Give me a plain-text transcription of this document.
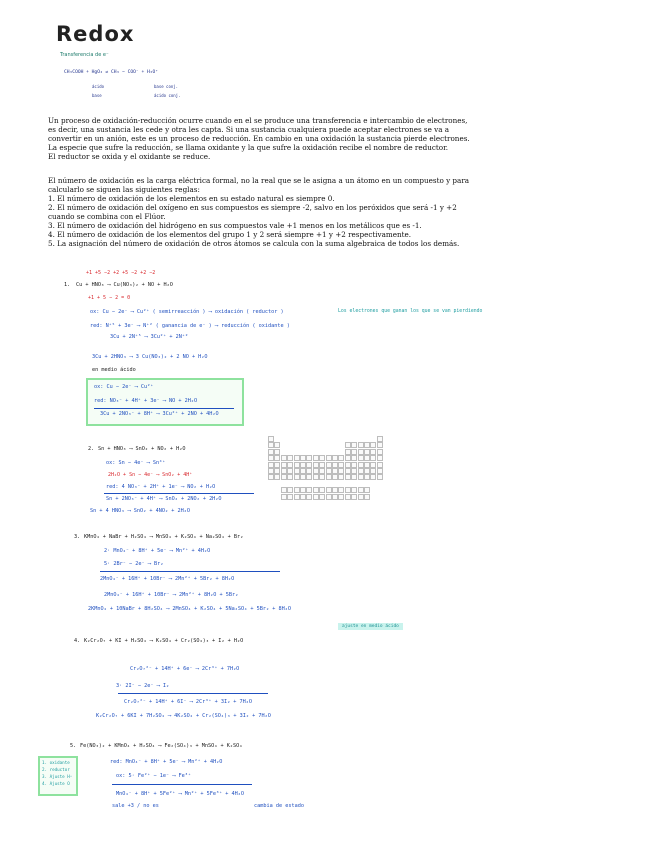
Redox
Transferencia de e⁻
CH₃COOH + HgO₂ ⇌ CH₃ − COO⁻ + H₃O⁺
ácido
base
base conj.
ácido conj.

Un proceso de oxidación-reducción ocurre cuando en el se produce una transferencia e intercambio de electrones,

es decir, una sustancia les cede y otra les capta. Si una sustancia cualquiera puede aceptar electrones se va a

convertir en un anión, este es un proceso de reducción. En cambio en una oxidación la sustancia pierde electrones.

La especie que sufre la reducción, se llama oxidante y la que sufre la oxidación recibe el nombre de reductor.

El reductor se oxida y el oxidante se reduce.

El número de oxidación es la carga eléctrica formal, no la real que se le asigna a un átomo en un compuesto y para

calcularlo se siguen las siguientes reglas:

1. El número de oxidación de los elementos en su estado natural es siempre 0.
2. El número de oxidación del oxígeno en sus compuestos es siempre -2, salvo en los peróxidos que será -1 y +2
cuando se combina con el Flúor.
3. El número de oxidación del hidrógeno en sus compuestos vale +1 menos en los metálicos que es -1.
4. El número de oxidación de los elementos del grupo 1 y 2 será siempre +1 y +2 respectivamente.
5. La asignación del número de oxidación de otros átomos se calcula con la suma algebraica de todos los demás.
+1 +5 −2 +2 +5 −2 +2 −2
1. Cu + HNO₃ ⟶ Cu(NO₃)₂ + NO + H₂O
+1 + 5 − 2 = 0
ox: Cu − 2e⁻ ⟶ Cu²⁺ ( semirreacción ) ⟶ oxidación ( reductor )	Los electrones que ganan los que se van pierdiendo
red: N⁺⁵ + 3e⁻ ⟶ N⁺² ( ganancia de e⁻ ) ⟶ reducción ( oxidante )
3Cu + 2N⁺⁵ ⟶ 3Cu²⁺ + 2N⁺²
3Cu + 2HNO₃ ⟶ 3 Cu(NO₃)₂ + 2 NO + H₂O
en medio ácido
ox: Cu − 2e⁻ ⟶ Cu²⁺
red: NO₃⁻ + 4H⁺ + 3e⁻ ⟶ NO + 2H₂O
3Cu + 2NO₃⁻ + 8H⁺ ⟶ 3Cu²⁺ + 2NO + 4H₂O
2. Sn + HNO₃ ⟶ SnO₂ + NO₂ + H₂O
ox: Sn − 4e⁻ ⟶ Sn⁴⁺
2H₂O + Sn − 4e⁻ ⟶ SnO₂ + 4H⁺
red: 4 NO₃⁻ + 2H⁺ + 1e⁻ ⟶ NO₂ + H₂O
Sn + 2NO₃⁻ + 4H⁺ ⟶ SnO₂ + 2NO₂ + 2H₂O
Sn + 4 HNO₃ ⟶ SnO₂ + 4NO₂ + 2H₂O
3. KMnO₄ + NaBr + H₂SO₄ ⟶ MnSO₄ + K₂SO₄ + Na₂SO₄ + Br₂
2· MnO₄⁻ + 8H⁺ + 5e⁻ ⟶ Mn²⁺ + 4H₂O
5· 2Br⁻ − 2e⁻ ⟶ Br₂
2MnO₄⁻ + 16H⁺ + 10Br⁻ ⟶ 2Mn²⁺ + 5Br₂ + 8H₂O
2MnO₄⁻ + 16H⁺ + 10Br⁻ ⟶ 2Mn²⁺ + 8H₂O + 5Br₂
2KMnO₄ + 10NaBr + 8H₂SO₄ ⟶ 2MnSO₄ + K₂SO₄ + 5Na₂SO₄ + 5Br₂ + 8H₂O
ajuste en medio ácido
4. K₂Cr₂O₇ + KI + H₂SO₄ ⟶ K₂SO₄ + Cr₂(SO₄)₃ + I₂ + H₂O
Cr₂O₇²⁻ + 14H⁺ + 6e⁻ ⟶ 2Cr³⁺ + 7H₂O
3· 2I⁻ − 2e⁻ ⟶ I₂
Cr₂O₇²⁻ + 14H⁺ + 6I⁻ ⟶ 2Cr³⁺ + 3I₂ + 7H₂O
K₂Cr₂O₇ + 6KI + 7H₂SO₄ ⟶ 4K₂SO₄ + Cr₂(SO₄)₃ + 3I₂ + 7H₂O
5. Fe(NO₃)₂ + KMnO₄ + H₂SO₄ ⟶ Fe₂(SO₄)₃ + MnSO₄ + K₂SO₄
1. oxidante
2. reductor
3. Ajuste H⁺
4. Ajuste O
red: MnO₄⁻ + 8H⁺ + 5e⁻ ⟶ Mn²⁺ + 4H₂O
ox: 5· Fe²⁺ − 1e⁻ ⟶ Fe³⁺
MnO₄⁻ + 8H⁺ + 5Fe²⁺ ⟶ Mn²⁺ + 5Fe³⁺ + 4H₂O
sale +3 / no es	cambia de estado
